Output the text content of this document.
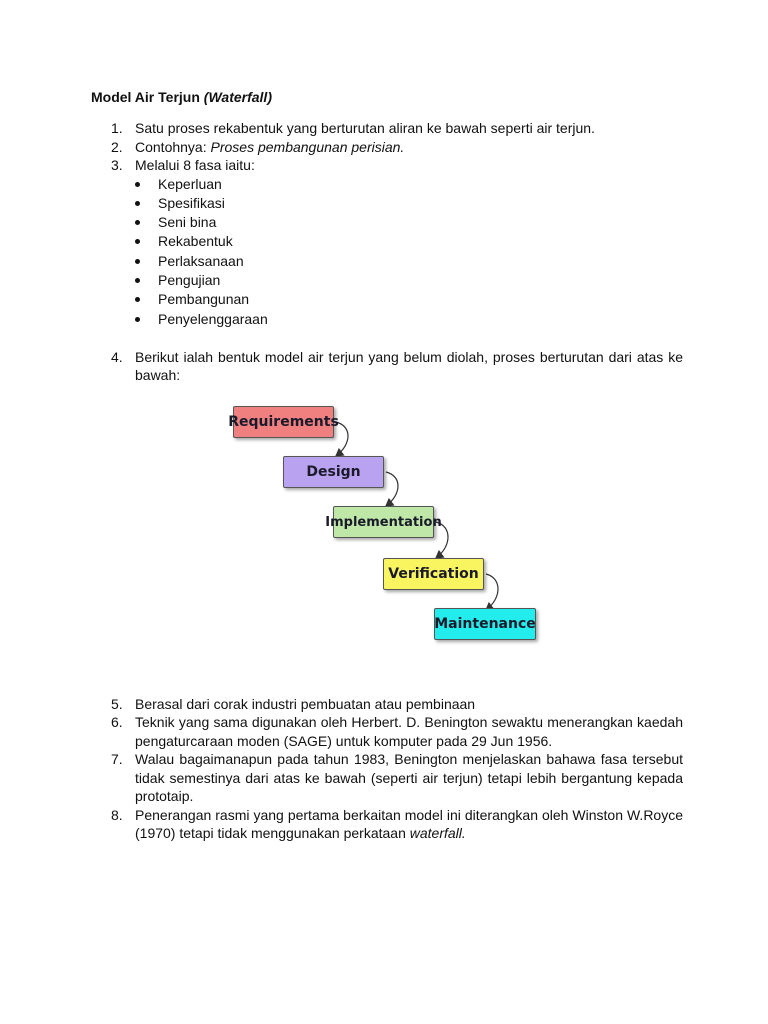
Model Air Terjun (Waterfall)
1. Satu proses rekabentuk yang berturutan aliran ke bawah seperti air terjun.
2. Contohnya: Proses pembangunan perisian.
3. Melalui 8 fasa iaitu:
Keperluan
Spesifikasi
Seni bina
Rekabentuk
Perlaksanaan
Pengujian
Pembangunan
Penyelenggaraan
4. Berikut ialah bentuk model air terjun yang belum diolah, proses berturutan dari atas ke bawah:
5. Berasal dari corak industri pembuatan atau pembinaan
6. Teknik yang sama digunakan oleh Herbert. D. Benington sewaktu menerangkan kaedah pengaturcaraan moden (SAGE) untuk komputer pada 29 Jun 1956.
7. Walau bagaimanapun pada tahun 1983, Benington menjelaskan bahawa fasa tersebut tidak semestinya dari atas ke bawah (seperti air terjun) tetapi lebih bergantung kepada prototaip.
8. Penerangan rasmi yang pertama berkaitan model ini diterangkan oleh Winston W.Royce (1970) tetapi tidak menggunakan perkataan waterfall.
Requirements
Design
Implementation
Verification
Maintenance
